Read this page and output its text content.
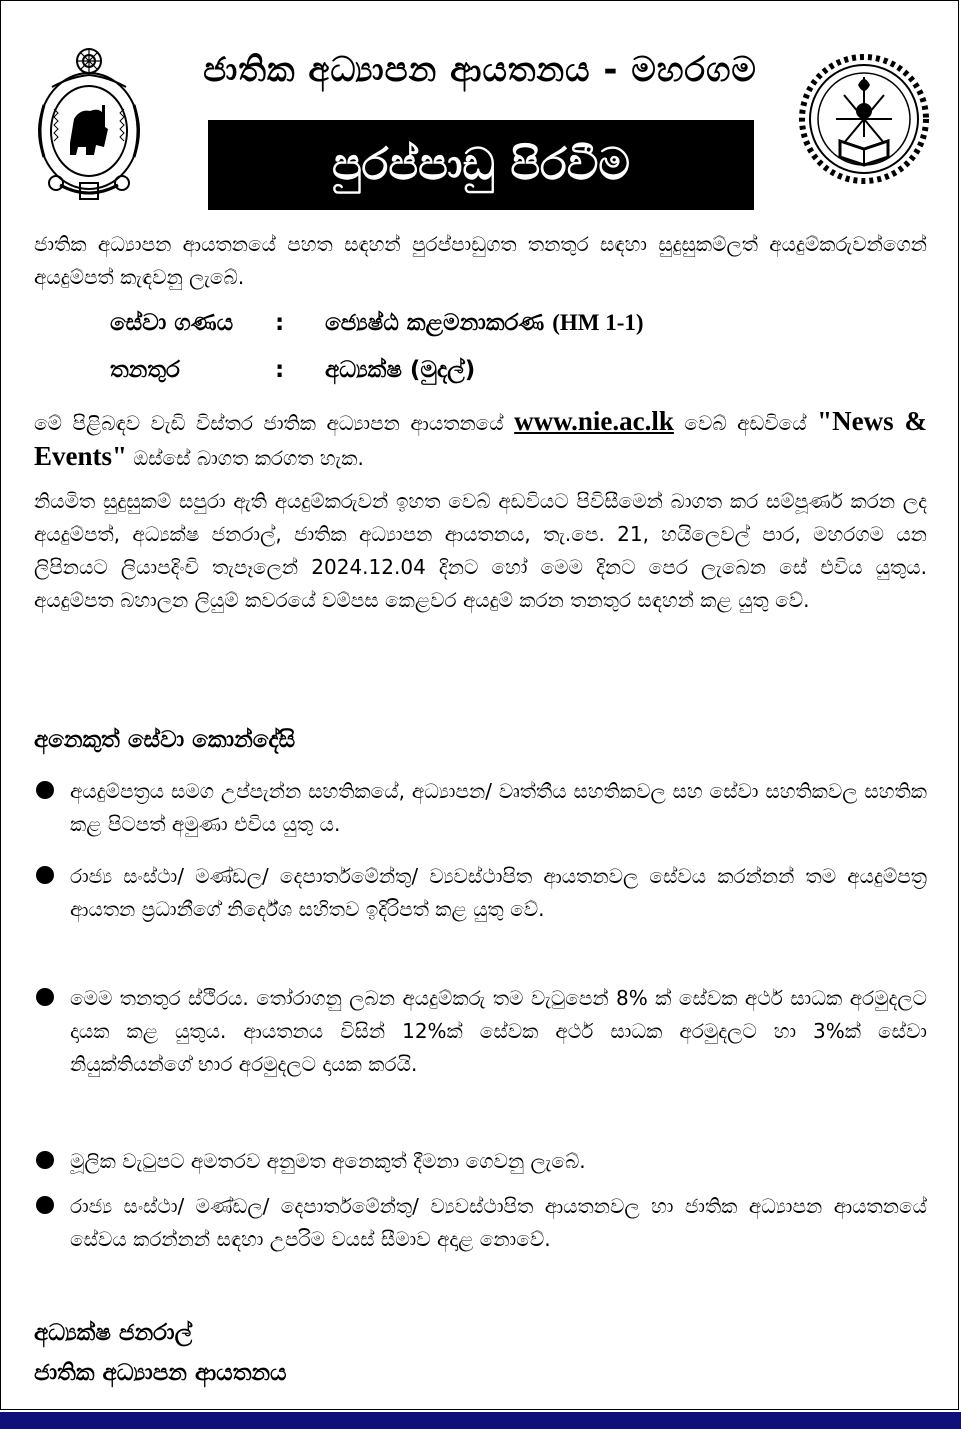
ජාතික අධ්‍යාපන ආයතනය - මහරගම
පුරප්පාඩු පිරවීම
ජාතික අධ්‍යාපන ආයතනයේ පහත සඳහන් පුරප්පාඩුගත තනතුර සඳහා සුදුසුකම්ලත් අයදුම්කරුවන්ගෙන් අයදුම්පත් කැඳවනු ලැබේ.
සේවා ගණය : ජ්‍යෙෂ්ඨ කළමනාකරණ (HM 1-1)
තනතුර	: අධ්‍යක්ෂ (මුදල්)
මේ පිළිබඳව වැඩි විස්තර ජාතික අධ්‍යාපන ආයතනයේ www.nie.ac.lk වෙබ් අඩවියේ "News & Events" ඔස්සේ බාගත කරගත හැක.
නියමිත සුදුසුකම් සපුරා ඇති අයදුම්කරුවන් ඉහත වෙබ් අඩවියට පිවිසීමෙන් බාගත කර සම්පූර්ණ කරන ලද අයදුම්පත්, අධ්‍යක්ෂ ජනරාල්, ජාතික අධ්‍යාපන ආයතනය, තැ.පෙ. 21, හයිලෙවල් පාර, මහරගම යන ලිපිනයට ලියාපදිංචි තැපෑලෙන් 2024.12.04 දිනට හෝ මෙම දිනට පෙර ලැබෙන සේ එවිය යුතුය. අයදුම්පත බහාලන ලියුම් කවරයේ වම්පස කෙළවර අයදුම් කරන තනතුර සඳහන් කළ යුතු වේ.
අනෙකුත් සේවා කොන්දේසි
අයදුම්පත්‍රය සමග උප්පැන්න සහතිකයේ, අධ්‍යාපන/ වෘත්තීය සහතිකවල සහ සේවා සහතිකවල සහතික කළ පිටපත් අමුණා එවිය යුතු ය.
රාජ්‍ය සංස්ථා/ මණ්ඩල/ දෙපාර්තමේන්තු/ ව්‍යවස්ථාපිත ආයතනවල සේවය කරන්නන් තම අයදුම්පත්‍ර ආයතන ප්‍රධානීගේ නිර්දේශ සහිතව ඉදිරිපත් කළ යුතු වේ.
මෙම තනතුර ස්ථිරය. තෝරාගනු ලබන අයදුම්කරු තම වැටුපෙන් 8% ක් සේවක අර්ථ සාධක අරමුදලට දායක කළ යුතුය. ආයතනය විසින් 12%ක් සේවක අර්ථ සාධක අරමුදලට හා 3%ක් සේවා නියුක්තියන්ගේ භාර අරමුදලට දායක කරයි.
මූලික වැටුපට අමතරව අනුමත අනෙකුත් දීමනා ගෙවනු ලැබේ.
රාජ්‍ය සංස්ථා/ මණ්ඩල/ දෙපාර්තමේන්තු/ ව්‍යවස්ථාපිත ආයතනවල හා ජාතික අධ්‍යාපන ආයතනයේ සේවය කරන්නන් සඳහා උපරිම වයස් සීමාව අදාළ නොවේ.
අධ්‍යක්ෂ ජනරාල්
ජාතික අධ්‍යාපන ආයතනය
